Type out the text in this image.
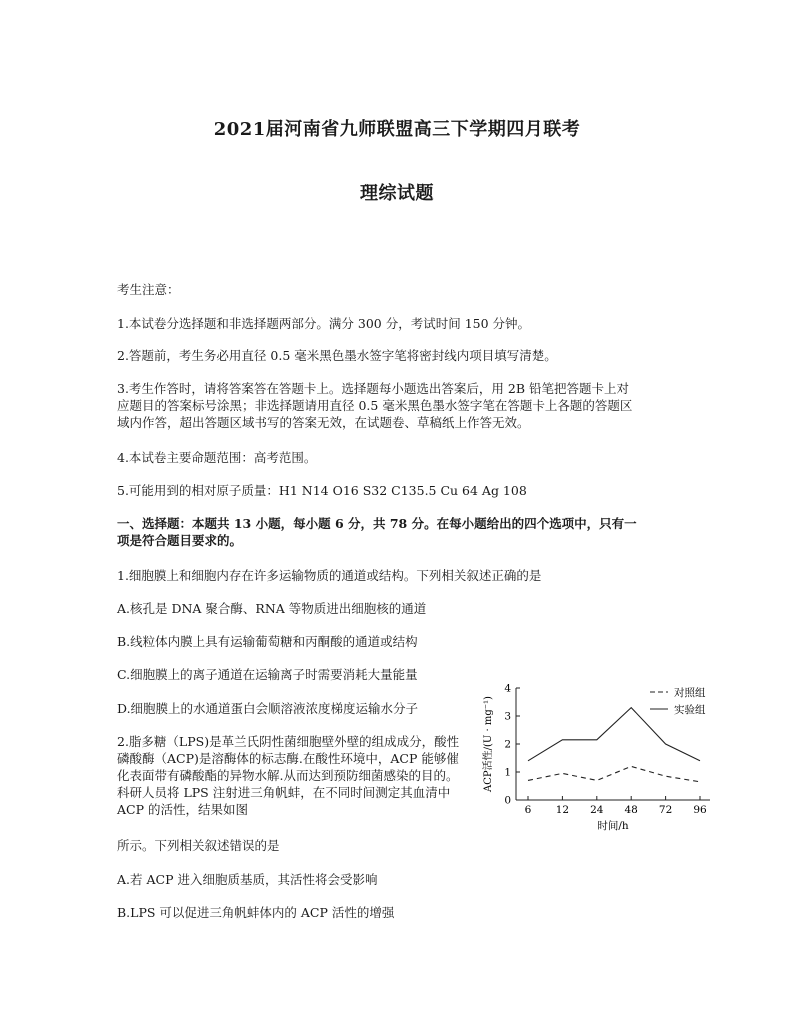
2021届河南省九师联盟高三下学期四月联考
理综试题
考生注意：
1.本试卷分选择题和非选择题两部分。满分 300 分，考试时间 150 分钟。
2.答题前，考生务必用直径 0.5 毫米黑色墨水签字笔将密封线内项目填写清楚。
3.考生作答时，请将答案答在答题卡上。选择题每小题选出答案后，用 2B 铅笔把答题卡上对应题目的答案标号涂黑；非选择题请用直径 0.5 毫米黑色墨水签字笔在答题卡上各题的答题区域内作答，超出答题区域书写的答案无效，在试题卷、草稿纸上作答无效。
4.本试卷主要命题范围：高考范围。
5.可能用到的相对原子质量：H1 N14 O16 S32 C135.5 Cu 64 Ag 108
一、选择题：本题共 13 小题，每小题 6 分，共 78 分。在每小题给出的四个选项中，只有一项是符合题目要求的。
1.细胞膜上和细胞内存在许多运输物质的通道或结构。下列相关叙述正确的是
A.核孔是 DNA 聚合酶、RNA 等物质进出细胞核的通道
B.线粒体内膜上具有运输葡萄糖和丙酮酸的通道或结构
C.细胞膜上的离子通道在运输离子时需要消耗大量能量
D.细胞膜上的水通道蛋白会顺溶液浓度梯度运输水分子
2.脂多糖（LPS)是革兰氏阴性菌细胞壁外壁的组成成分，酸性磷酸酶（ACP)是溶酶体的标志酶.在酸性环境中，ACP 能够催化表面带有磷酸酯的异物水解.从而达到预防细菌感染的目的。科研人员将 LPS 注射进三角帆蚌，在不同时间测定其血清中 ACP 的活性，结果如图
所示。下列相关叙述错误的是
A.若 ACP 进入细胞质基质，其活性将会受影响
B.LPS 可以促进三角帆蚌体内的 ACP 活性的增强
0
1
2
3
4
6 12 24 48 72 96
对照组
实验组
ACP活性/(U · mg⁻¹)
时间/h
